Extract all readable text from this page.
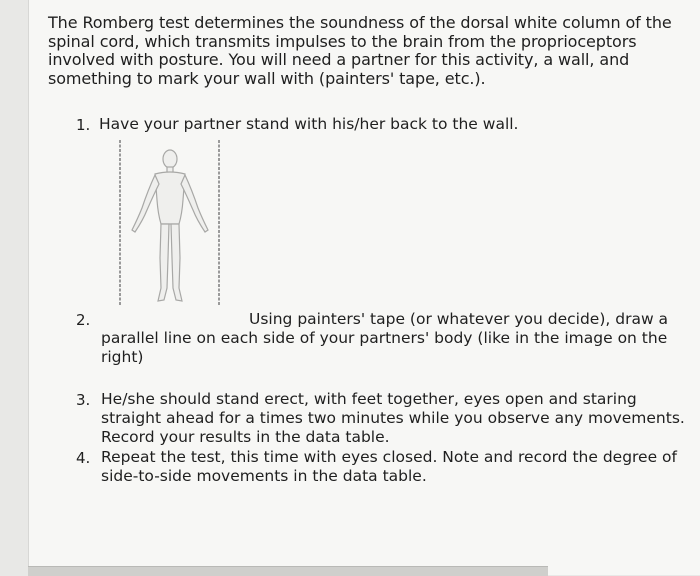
The Romberg test determines the soundness of the dorsal white column of the spinal cord, which transmits impulses to the brain from the proprioceptors involved with posture. You will need a partner for this activity, a wall, and something to mark your wall with (painters' tape, etc.).

1. Have your partner stand with his/her back to the wall.

2.	Using painters' tape (or whatever you decide), draw a

parallel line on each side of your partners' body (like in the image on the right)

3. He/she should stand erect, with feet together, eyes open and staring straight ahead for a times two minutes while you observe any movements. Record your results in the data table.

4. Repeat the test, this time with eyes closed. Note and record the degree of side-to-side movements in the data table.
